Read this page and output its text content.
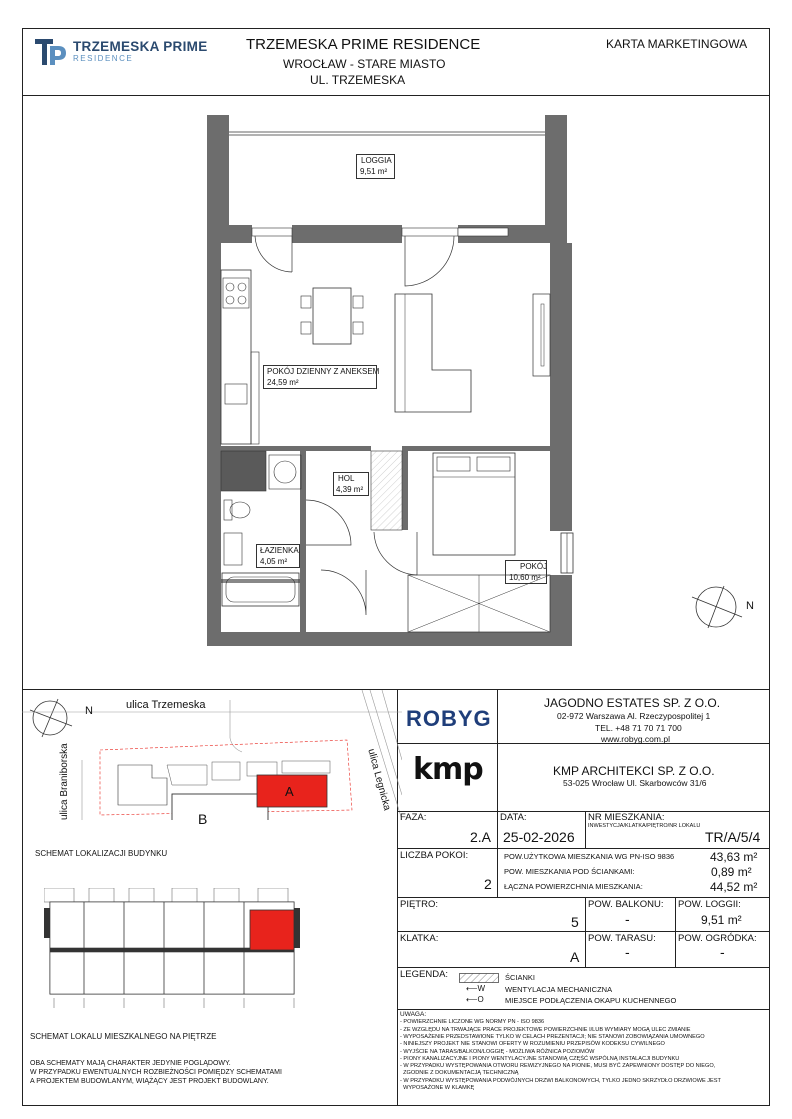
TRZEMESKA PRIME
RESIDENCE
TRZEMESKA PRIME RESIDENCE
WROCŁAW - STARE MIASTO
UL. TRZEMESKA
KARTA MARKETINGOWA
LOGGIA
9,51 m²
POKÓJ DZIENNY Z ANEKSEM
24,59 m²
HOL
4,39 m²
ŁAZIENKA
4,05 m²
POKÓJ
10,60 m²
N
ulica Trzemeska
ulica Braniborska	ulica Legnicka
A
B
N
SCHEMAT LOKALIZACJI BUDYNKU
SCHEMAT LOKALU MIESZKALNEGO NA PIĘTRZE
OBA SCHEMATY MAJĄ CHARAKTER JEDYNIE POGLĄDOWY.
W PRZYPADKU EWENTUALNYCH ROZBIEŻNOŚCI POMIĘDZY SCHEMATAMI
A PROJEKTEM BUDOWLANYM, WIĄŻĄCY JEST PROJEKT BUDOWLANY.
ROBYG
JAGODNO ESTATES SP. Z O.O.
02-972 Warszawa Al. Rzeczypospolitej 1
TEL. +48 71 70 71 700
www.robyg.com.pl
kmp	KMP ARCHITEKCI SP. Z O.O.
53-025 Wrocław Ul. Skarbowców 31/6
FAZA:
2.A
DATA:
25-02-2026
NR MIESZKANIA:
INWESTYCJA/KLATKA/PIĘTRO/NR LOKALU
TR/A/5/4
LICZBA POKOI:
2
POW.UŻYTKOWA MIESZKANIA WG PN-ISO 9836	43,63 m²
POW. MIESZKANIA POD ŚCIANKAMI:	0,89 m²
ŁĄCZNA POWIERZCHNIA MIESZKANIA:	44,52 m²
PIĘTRO:
5
POW. BALKONU:
-
POW. LOGGII:
9,51 m²
KLATKA:
A
POW. TARASU:
-
POW. OGRÓDKA:
-
LEGENDA:	ŚCIANKI
⟵W	WENTYLACJA MECHANICZNA
⟵O	MIEJSCE PODŁĄCZENIA OKAPU KUCHENNEGO
UWAGA:
- POWIERZCHNIE LICZONE WG NORMY PN - ISO 9836
- ZE WZGLĘDU NA TRWAJĄCE PRACE PROJEKTOWE POWIERZCHNIE I/LUB WYMIARY MOGĄ ULEC ZMIANIE
- WYPOSAŻENIE PRZEDSTAWIONE TYLKO W CELACH PREZENTACJI; NIE STANOWI ZOBOWIĄZANIA UMOWNEGO
- NINIEJSZY PROJEKT NIE STANOWI OFERTY W ROZUMIENIU PRZEPISÓW KODEKSU CYWILNEGO
- WYJŚCIE NA TARAS/BALKON/LOGGIĘ - MOŻLIWA RÓŻNICA POZIOMÓW
- PIONY KANALIZACYJNE I PIONY WENTYLACYJNE STANOWIĄ CZĘŚĆ WSPÓLNĄ INSTALACJI BUDYNKU
- W PRZYPADKU WYSTĘPOWANIA OTWORU REWIZYJNEGO NA PIONIE, MUSI BYĆ ZAPEWNIONY DOSTĘP DO NIEGO,
ZGODNIE Z DOKUMENTACJĄ TECHNICZNĄ
- W PRZYPADKU WYSTĘPOWANIA PODWÓJNYCH DRZWI BALKONOWYCH, TYLKO JEDNO SKRZYDŁO DRZWIOWE JEST
WYPOSAŻONE W KLAMKĘ
